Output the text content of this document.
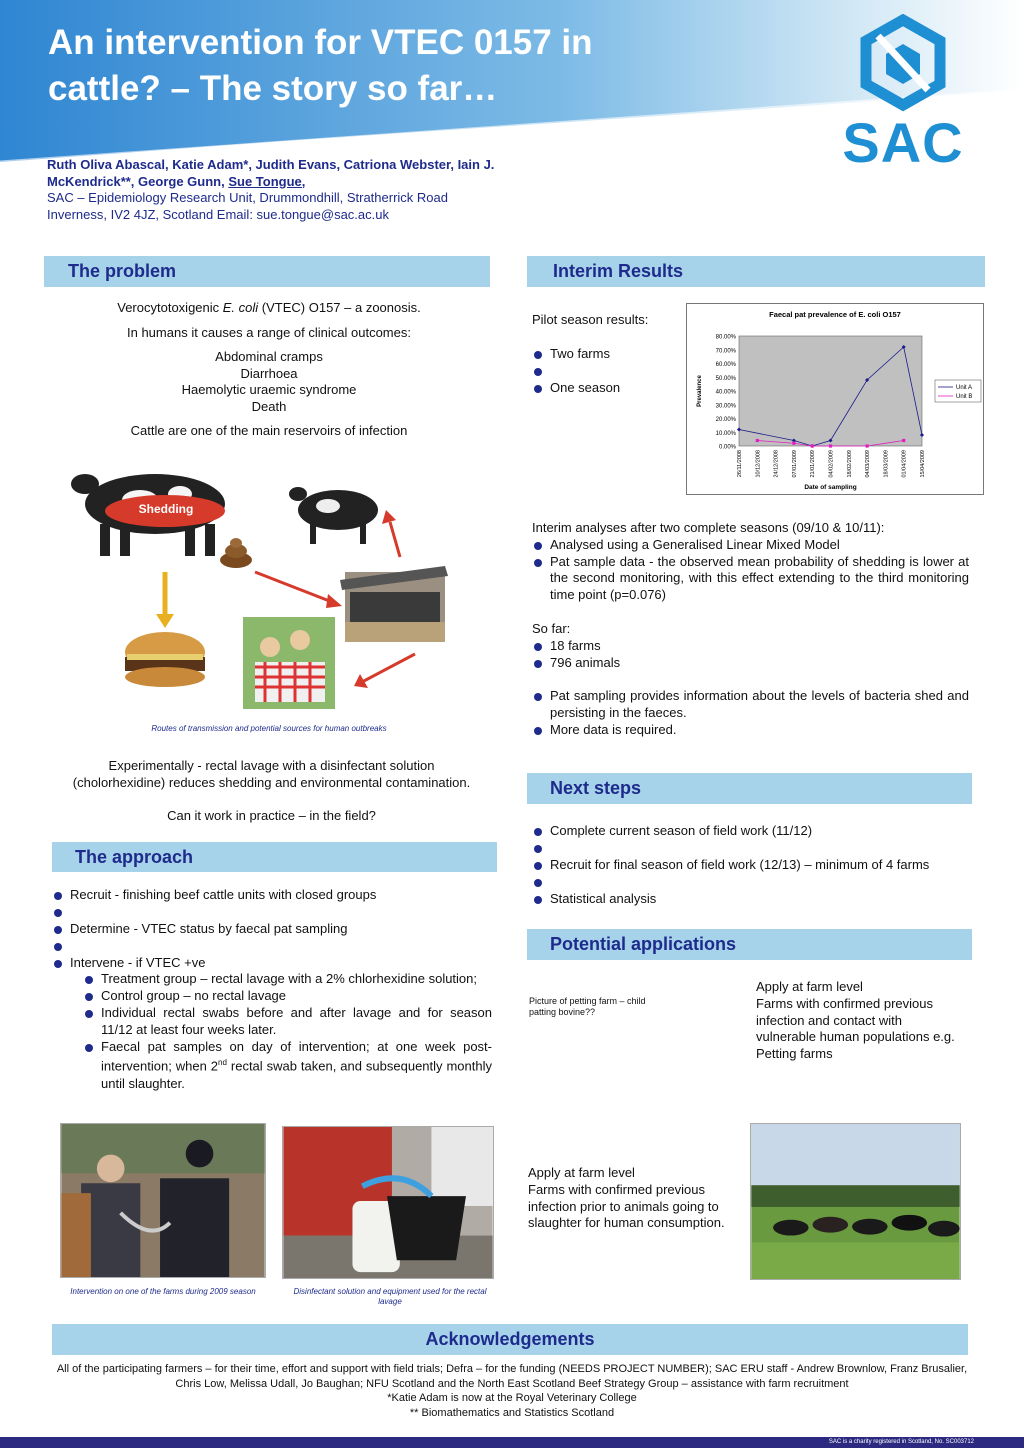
An intervention for VTEC 0157 in
cattle? – The story so far…
SAC
Ruth Oliva Abascal, Katie Adam*, Judith Evans, Catriona Webster, Iain J. McKendrick**, George Gunn, Sue Tongue,
SAC – Epidemiology Research Unit, Drummondhill, Stratherrick Road
Inverness, IV2 4JZ, Scotland Email: sue.tongue@sac.ac.uk
The problem
Verocytotoxigenic E. coli (VTEC) O157 – a zoonosis.
In humans it causes a range of clinical outcomes:
Abdominal cramps
Diarrhoea
Haemolytic uraemic syndrome
Death
Cattle are one of the main reservoirs of infection
Shedding
Routes of transmission and potential sources for human outbreaks
Experimentally - rectal lavage with a disinfectant solution
(cholorhexidine) reduces shedding and environmental contamination.
Can it work in practice – in the field?
The approach
Recruit - finishing beef cattle units with closed groups
Determine - VTEC status by faecal pat sampling
Intervene - if VTEC +ve
Treatment group – rectal lavage with a 2% chlorhexidine solution;
Control group – no rectal lavage
Individual rectal swabs before and after lavage and for season 11/12 at least four weeks later.
Faecal pat samples on day of intervention; at one week post-intervention; when 2nd rectal swab taken, and subsequently monthly until slaughter.
Intervention on one of the farms during 2009 season	Disinfectant solution and equipment used for the rectal lavage
Interim Results
Pilot season results:
Two farms
One season
Faecal pat prevalence of E. coli O157
80.00%
70.00%
60.00%
50.00%
40.00%
30.00%
20.00%
10.00%
0.00%
Prevalence
26/11/2008 10/12/2008 24/12/2008 07/01/2009 21/01/2009 04/02/2009 18/02/2009 04/03/2009 18/03/2009 01/04/2009 15/04/2009
Date of sampling
Unit A
Unit B
Interim analyses after two complete seasons (09/10 & 10/11):
Analysed using a Generalised Linear Mixed Model
Pat sample data - the observed mean probability of shedding is lower at the second monitoring, with this effect extending to the third monitoring time point (p=0.076)
So far:
18 farms
796 animals
Pat sampling provides information about the levels of bacteria shed and persisting in the faeces.
More data is required.
Next steps
Complete current season of field work (11/12)
Recruit for final season of field work (12/13) – minimum of 4 farms
Statistical analysis
Potential applications
Picture of petting farm – child patting bovine??
Apply at farm level
Farms with confirmed previous infection and contact with vulnerable human populations e.g. Petting farms
Apply at farm level
Farms with confirmed previous infection prior to animals going to slaughter for human consumption.
Acknowledgements
All of the participating farmers – for their time, effort and support with field trials; Defra – for the funding (NEEDS PROJECT NUMBER); SAC ERU staff - Andrew Brownlow, Franz Brusalier, Chris Low, Melissa Udall, Jo Baughan; NFU Scotland and the North East Scotland Beef Strategy Group – assistance with farm recruitment
*Katie Adam is now at the Royal Veterinary College
** Biomathematics and Statistics Scotland
SAC is a charity registered in Scotland, No. SC003712
